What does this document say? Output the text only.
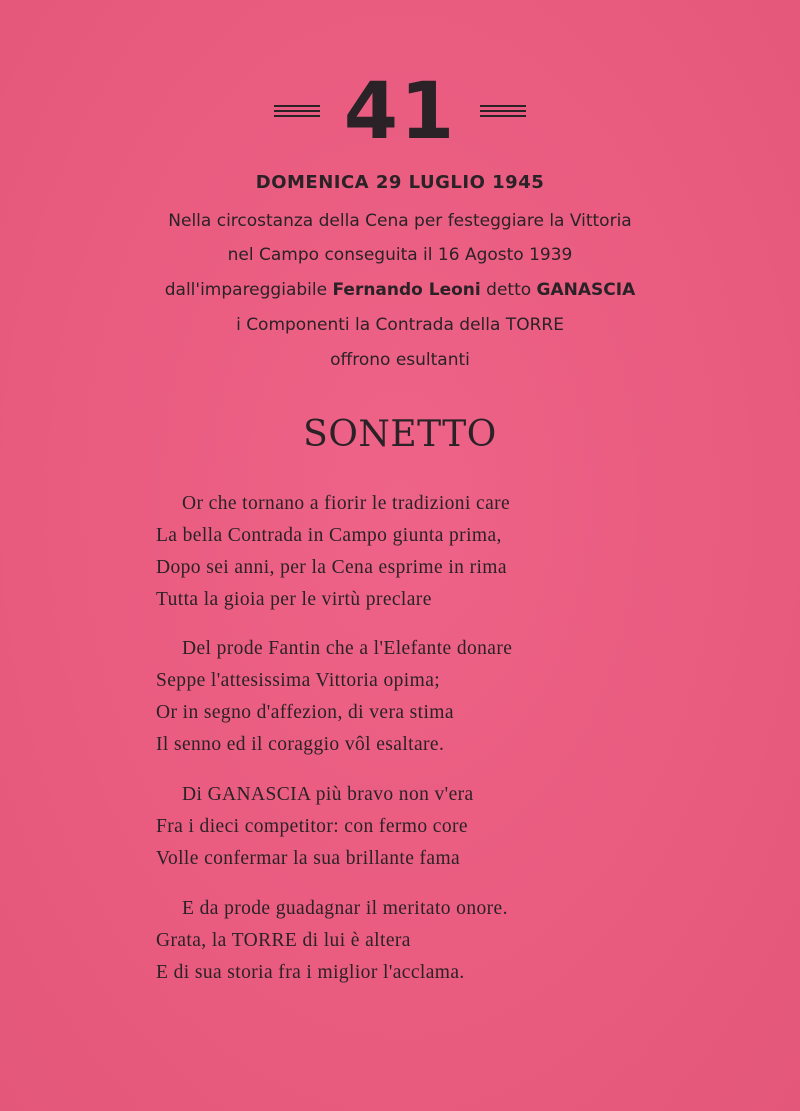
41
DOMENICA 29 LUGLIO 1945
Nella circostanza della Cena per festeggiare la Vittoria
nel Campo conseguita il 16 Agosto 1939
dall'impareggiabile Fernando Leoni detto GANASCIA
i Componenti la Contrada della TORRE
offrono esultanti
SONETTO
Or che tornano a fiorir le tradizioni care
La bella Contrada in Campo giunta prima,
Dopo sei anni, per la Cena esprime in rima
Tutta la gioia per le virtù preclare
Del prode Fantin che a l'Elefante donare
Seppe l'attesissima Vittoria opima;
Or in segno d'affezion, di vera stima
Il senno ed il coraggio vôl esaltare.
Di GANASCIA più bravo non v'era
Fra i dieci competitor: con fermo core
Volle confermar la sua brillante fama
E da prode guadagnar il meritato onore.
Grata, la TORRE di lui è altera
E di sua storia fra i miglior l'acclama.
